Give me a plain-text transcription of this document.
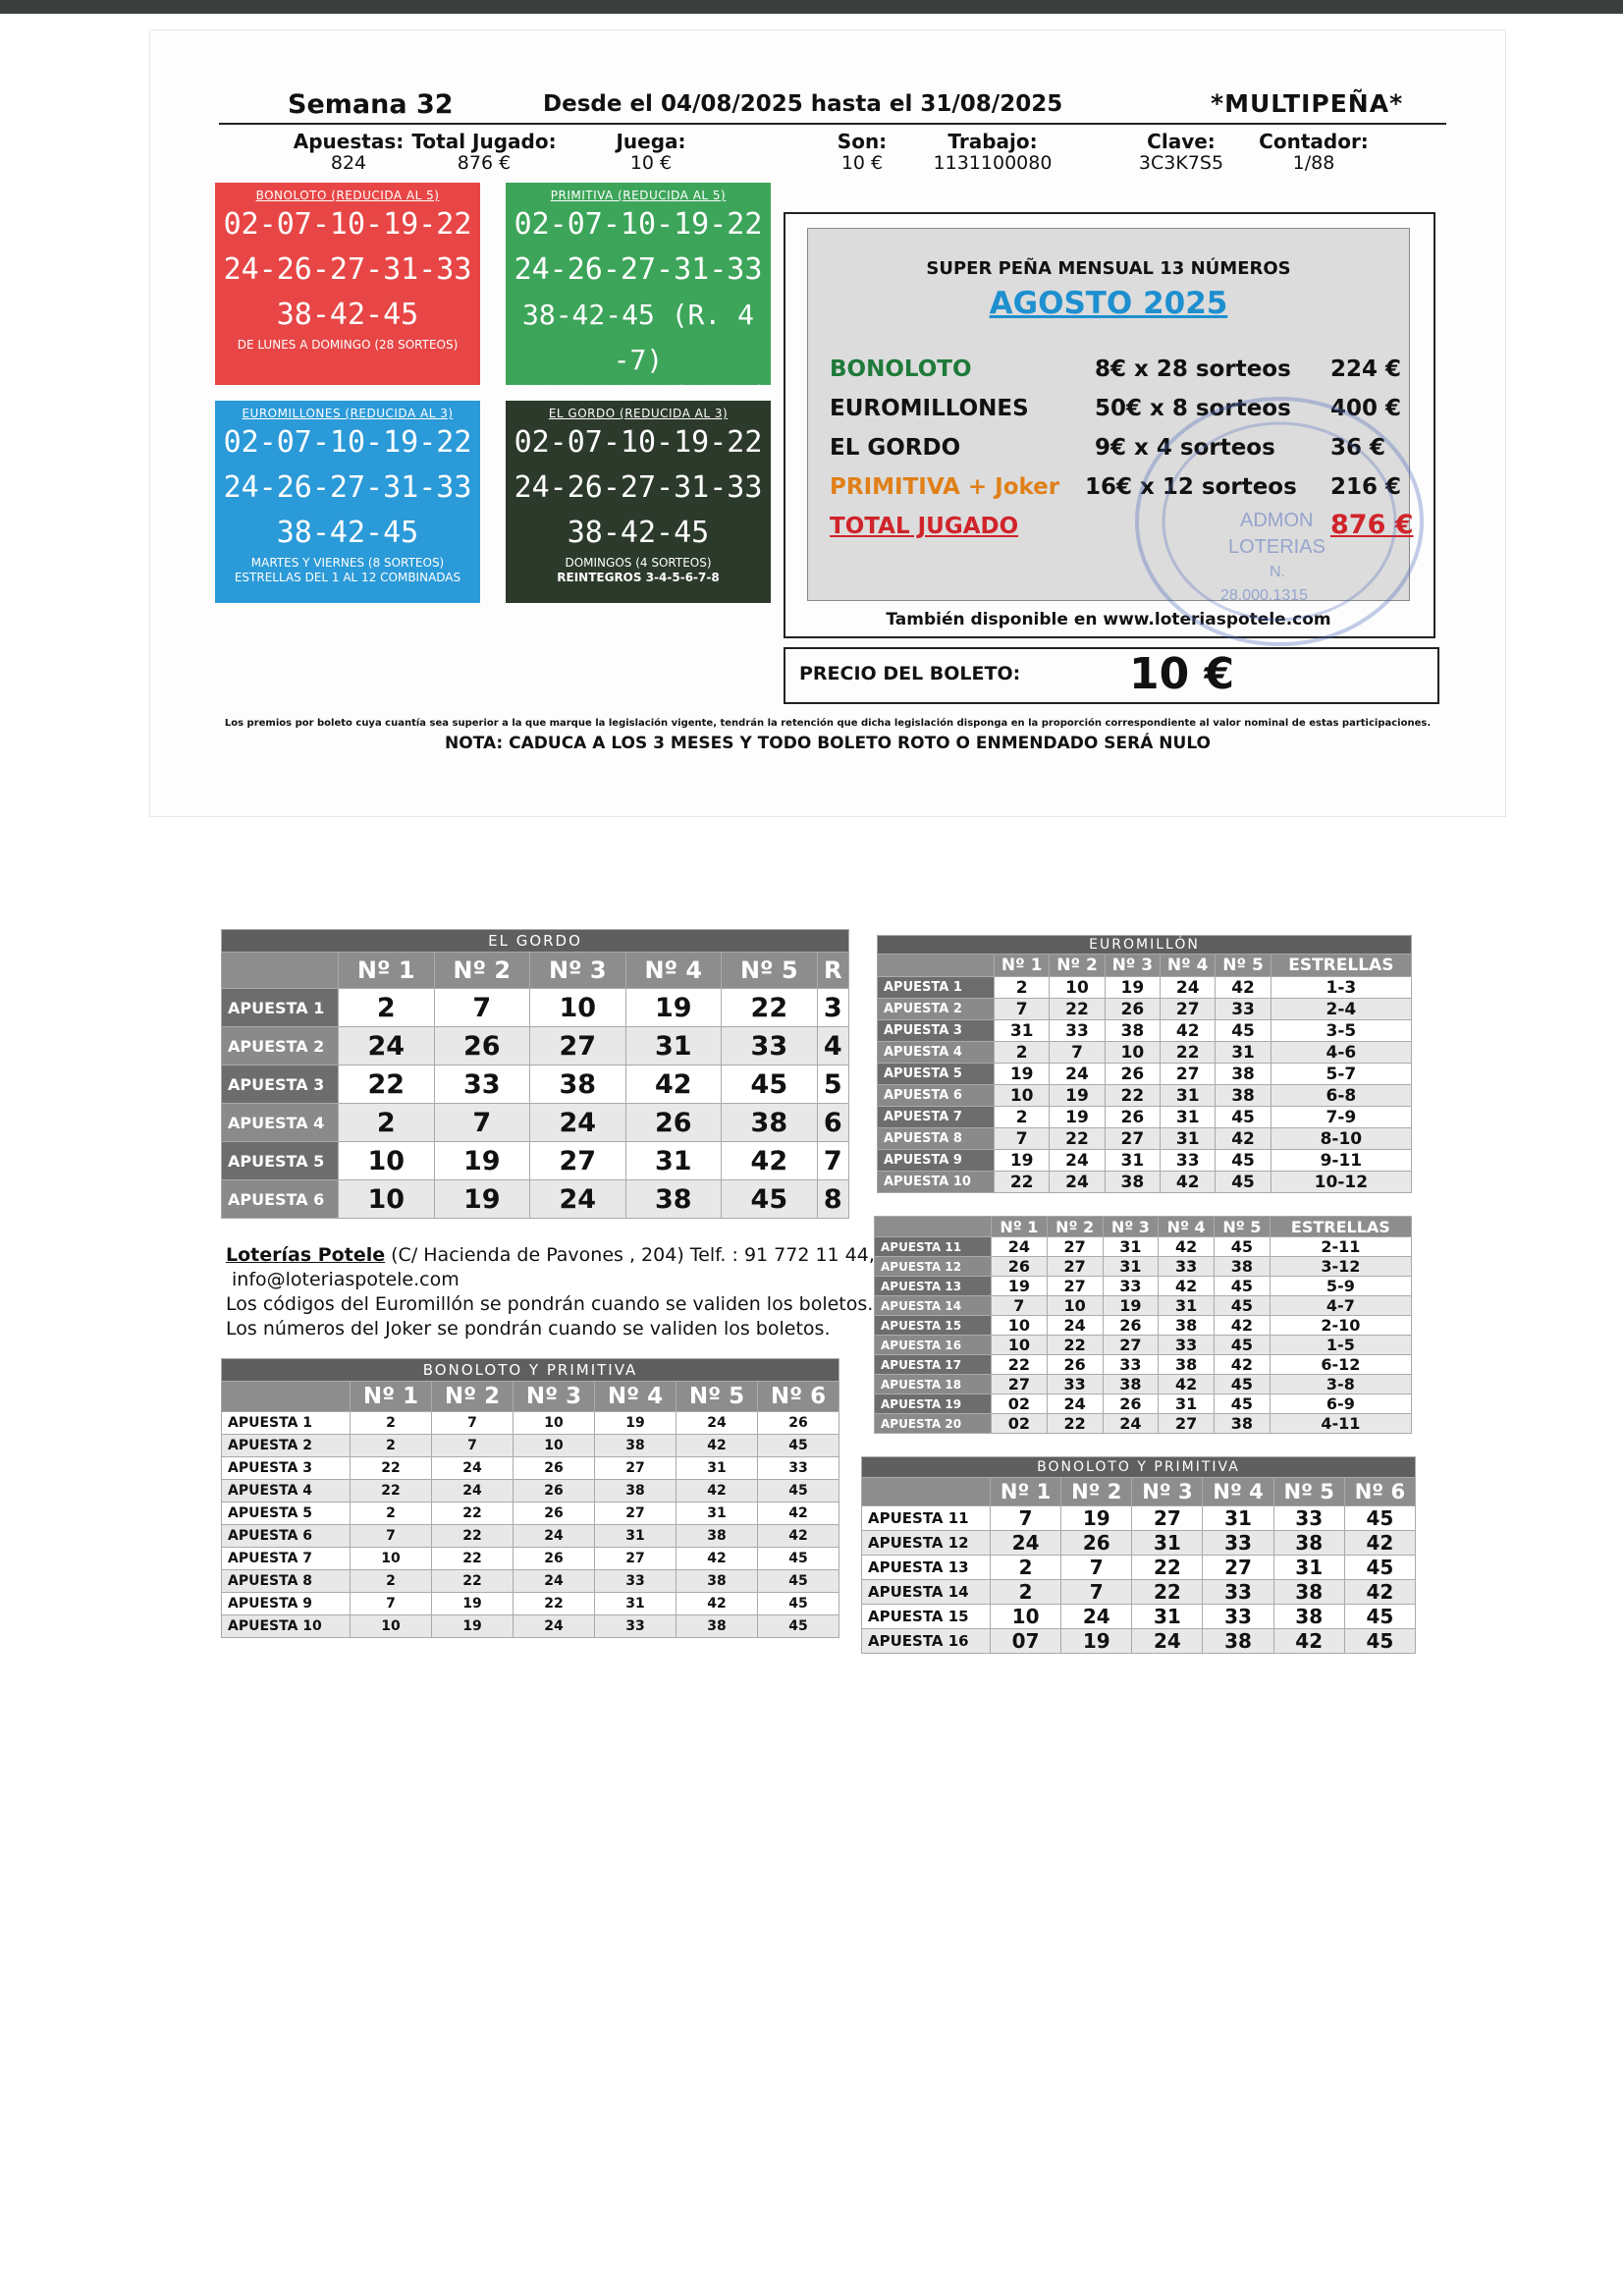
Semana 32	Desde el 04/08/2025 hasta el 31/08/2025	*MULTIPEÑA*
Apuestas:
824
Total Jugado:
876 €
Juega:
10 €
Son:
10 €
Trabajo:
1131100080
Clave:
3C3K7S5
Contador:
1/88
BONOLOTO (REDUCIDA AL 5)
02-07-10-19-22
24-26-27-31-33
38-42-45
DE LUNES A DOMINGO (28 SORTEOS)
PRIMITIVA (REDUCIDA AL 5)
02-07-10-19-22
24-26-27-31-33
38-42-45 (R. 4 -7)
LUNES, JUEVES Y SABADOS (12 SORTEOS)
EUROMILLONES (REDUCIDA AL 3)
02-07-10-19-22
24-26-27-31-33
38-42-45
MARTES Y VIERNES (8 SORTEOS)
ESTRELLAS DEL 1 AL 12 COMBINADAS
EL GORDO (REDUCIDA AL 3)
02-07-10-19-22
24-26-27-31-33
38-42-45
DOMINGOS (4 SORTEOS)
REINTEGROS 3-4-5-6-7-8
SUPER PEÑA MENSUAL 13 NÚMEROS
AGOSTO 2025
BONOLOTO	8€ x 28 sorteos 224 €
EUROMILLONES	50€ x 8 sorteos 400 €
EL GORDO	9€ x 4 sorteos 36 €
PRIMITIVA + Joker 16€ x 12 sorteos 216 €
TOTAL JUGADO	876 €
También disponible en www.loteriaspotele.com
ADMON
LOTERIAS
N.
28.000.1315
PRECIO DEL BOLETO:	10 €
Los premios por boleto cuya cuantía sea superior a la que marque la legislación vigente, tendrán la retención que dicha legislación disponga en la proporción correspondiente al valor nominal de estas participaciones.
NOTA: CADUCA A LOS 3 MESES Y TODO BOLETO ROTO O ENMENDADO SERÁ NULO
EL GORDO						
	Nº 1	Nº 2	Nº 3	Nº 4	Nº 5	R
APUESTA 1	2	7	10	19	22	3
APUESTA 2	24	26	27	31	33	4
APUESTA 3	22	33	38	42	45	5
APUESTA 4	2	7	24	26	38	6
APUESTA 5	10	19	27	31	42	7
APUESTA 6	10	19	24	38	45	8
Loterías Potele (C/ Hacienda de Pavones , 204) Telf. : 91 772 11 44,
info@loteriaspotele.com
Los códigos del Euromillón se pondrán cuando se validen los boletos.
Los números del Joker se pondrán cuando se validen los boletos.
BONOLOTO Y PRIMITIVA						
	Nº 1	Nº 2	Nº 3	Nº 4	Nº 5	Nº 6
APUESTA 1	2	7	10	19	24	26
APUESTA 2	2	7	10	38	42	45
APUESTA 3	22	24	26	27	31	33
APUESTA 4	22	24	26	38	42	45
APUESTA 5	2	22	26	27	31	42
APUESTA 6	7	22	24	31	38	42
APUESTA 7	10	22	26	27	42	45
APUESTA 8	2	22	24	33	38	45
APUESTA 9	7	19	22	31	42	45
APUESTA 10	10	19	24	33	38	45
EUROMILLÓN						
	Nº 1	Nº 2	Nº 3	Nº 4	Nº 5	ESTRELLAS
APUESTA 1	2	10	19	24	42	1-3
APUESTA 2	7	22	26	27	33	2-4
APUESTA 3	31	33	38	42	45	3-5
APUESTA 4	2	7	10	22	31	4-6
APUESTA 5	19	24	26	27	38	5-7
APUESTA 6	10	19	22	31	38	6-8
APUESTA 7	2	19	26	31	45	7-9
APUESTA 8	7	22	27	31	42	8-10
APUESTA 9	19	24	31	33	45	9-11
APUESTA 10	22	24	38	42	45	10-12
	Nº 1	Nº 2	Nº 3	Nº 4	Nº 5	ESTRELLAS
APUESTA 11	24	27	31	42	45	2-11
APUESTA 12	26	27	31	33	38	3-12
APUESTA 13	19	27	33	42	45	5-9
APUESTA 14	7	10	19	31	45	4-7
APUESTA 15	10	24	26	38	42	2-10
APUESTA 16	10	22	27	33	45	1-5
APUESTA 17	22	26	33	38	42	6-12
APUESTA 18	27	33	38	42	45	3-8
APUESTA 19	02	24	26	31	45	6-9
APUESTA 20	02	22	24	27	38	4-11
BONOLOTO Y PRIMITIVA						
	Nº 1	Nº 2	Nº 3	Nº 4	Nº 5	Nº 6
APUESTA 11	7	19	27	31	33	45
APUESTA 12	24	26	31	33	38	42
APUESTA 13	2	7	22	27	31	45
APUESTA 14	2	7	22	33	38	42
APUESTA 15	10	24	31	33	38	45
APUESTA 16	07	19	24	38	42	45
